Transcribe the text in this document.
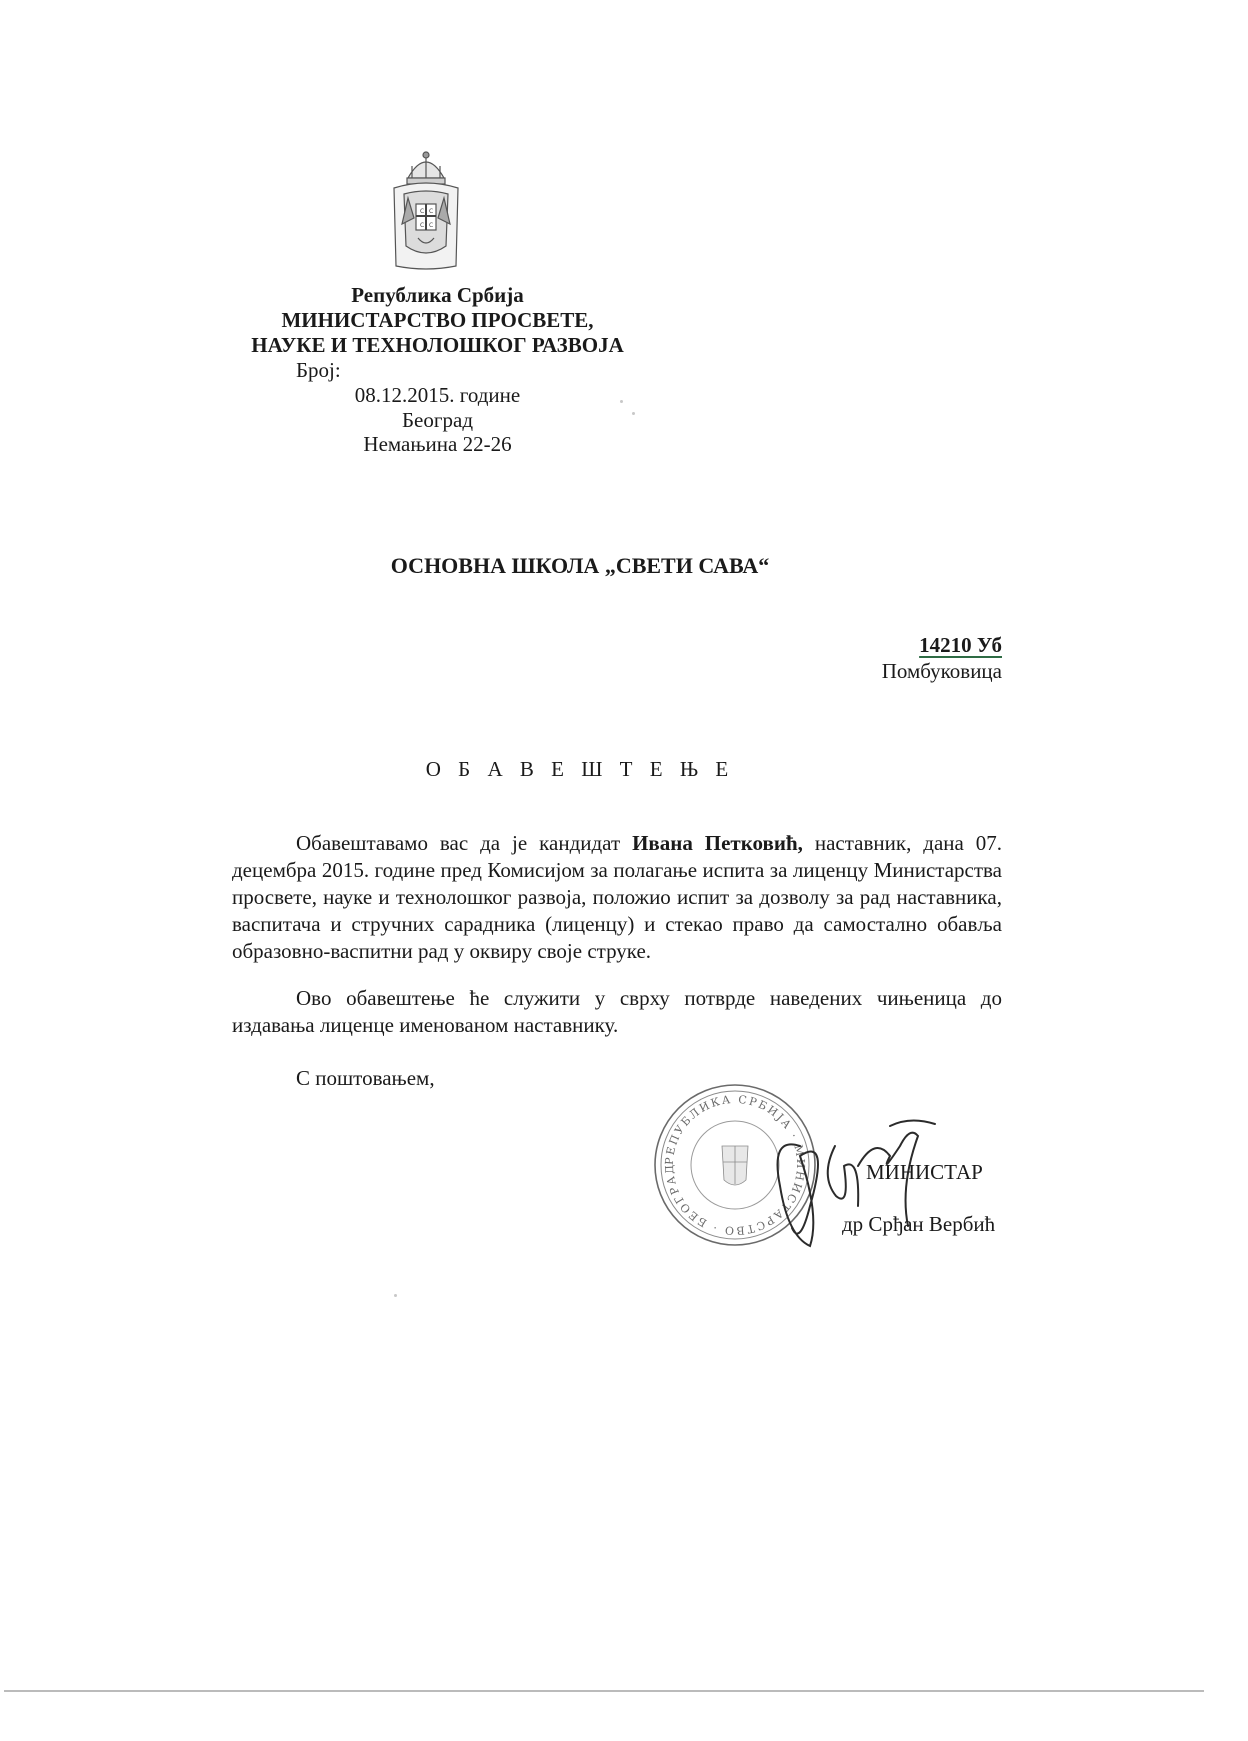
C C
C C
Република Србија
МИНИСТАРСТВО ПРОСВЕТЕ,
НАУКЕ И ТЕХНОЛОШКОГ РАЗВОЈА
Број:
08.12.2015. године
Београд
Немањина 22-26
ОСНОВНА ШКОЛА „СВЕТИ САВА“
14210 Уб
Помбуковица
О Б А В Е Ш Т Е Њ Е

Обавештавамо вас да је кандидат Ивана Петковић, наставник, дана 07. децембра 2015. године пред Комисијом за полагање испита за лиценцу Министарства просвете, науке и технолошког развоја, положио испит за дозволу за рад наставника, васпитача и стручних сарадника (лиценцу) и стекао право да самостално обавља образовно-васпитни рад у оквиру своје струке.

Ово обавештење ће служити у сврху потврде наведених чињеница до издавања лиценце именованом наставнику.

С поштовањем,
РЕПУБЛИКА СРБИЈА · МИНИСТАРСТВО · БЕОГРАД	МИНИСТАР
др Срђан Вербић
